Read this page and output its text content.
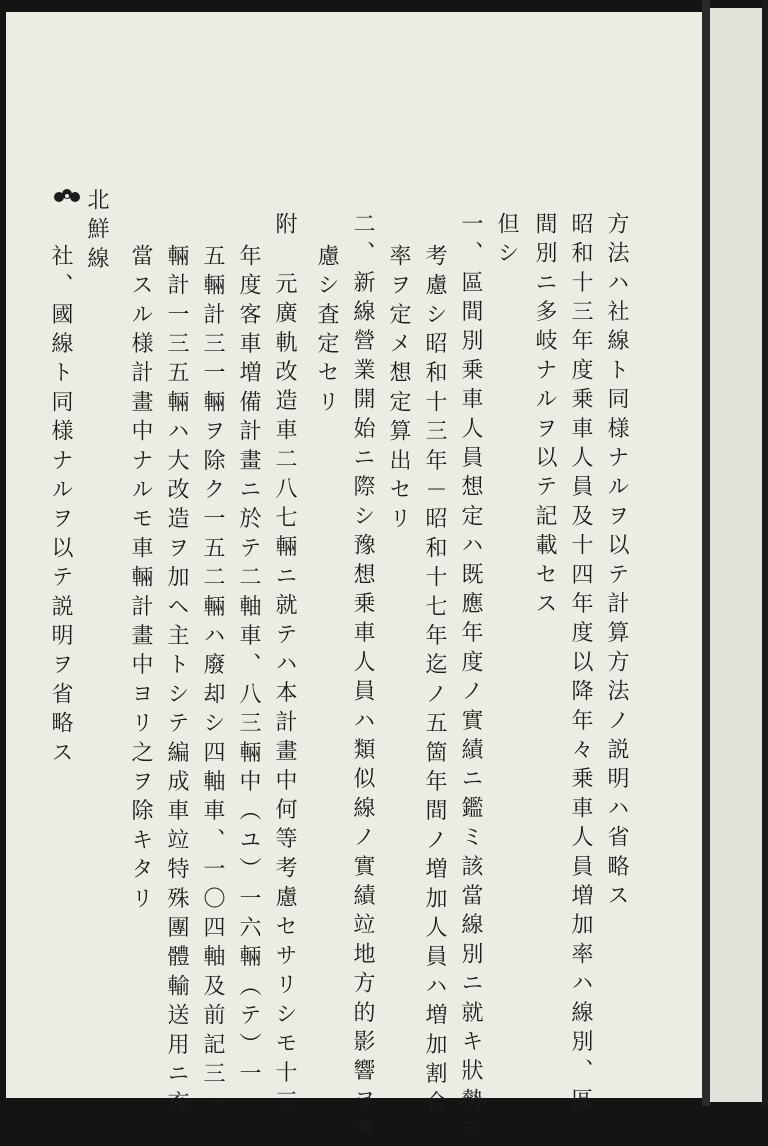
方法ハ社線ト同様ナルヲ以テ計算方法ノ説明ハ省略ス
昭和十三年度乗車人員及十四年度以降年々乗車人員増加率ハ線別、區
間別ニ多岐ナルヲ以テ記載セス
但シ
一、區間別乗車人員想定ハ既應年度ノ實績ニ鑑ミ該當線別ニ就キ狀勢ヲ
考慮シ昭和十三年－昭和十七年迄ノ五箇年間ノ増加人員ハ増加割合
率ヲ定メ想定算出セリ
二、新線營業開始ニ際シ豫想乗車人員ハ類似線ノ實績竝地方的影響ヲ考
慮シ査定セリ
附
元廣軌改造車二八七輛ニ就テハ本計畫中何等考慮セサリシモ十三
年度客車増備計畫ニ於テ二軸車、八三輛中（ユ）一六輛（テ）一
五輛計三一輛ヲ除ク一五二輛ハ廢却シ四軸車、一〇四軸及前記三一
輛計一三五輛ハ大改造ヲ加ヘ主トシテ編成車竝特殊團體輸送用ニ充
當スル様計畫中ナルモ車輛計畫中ヨリ之ヲ除キタリ
北鮮線
社、國線ト同様ナルヲ以テ説明ヲ省略ス
